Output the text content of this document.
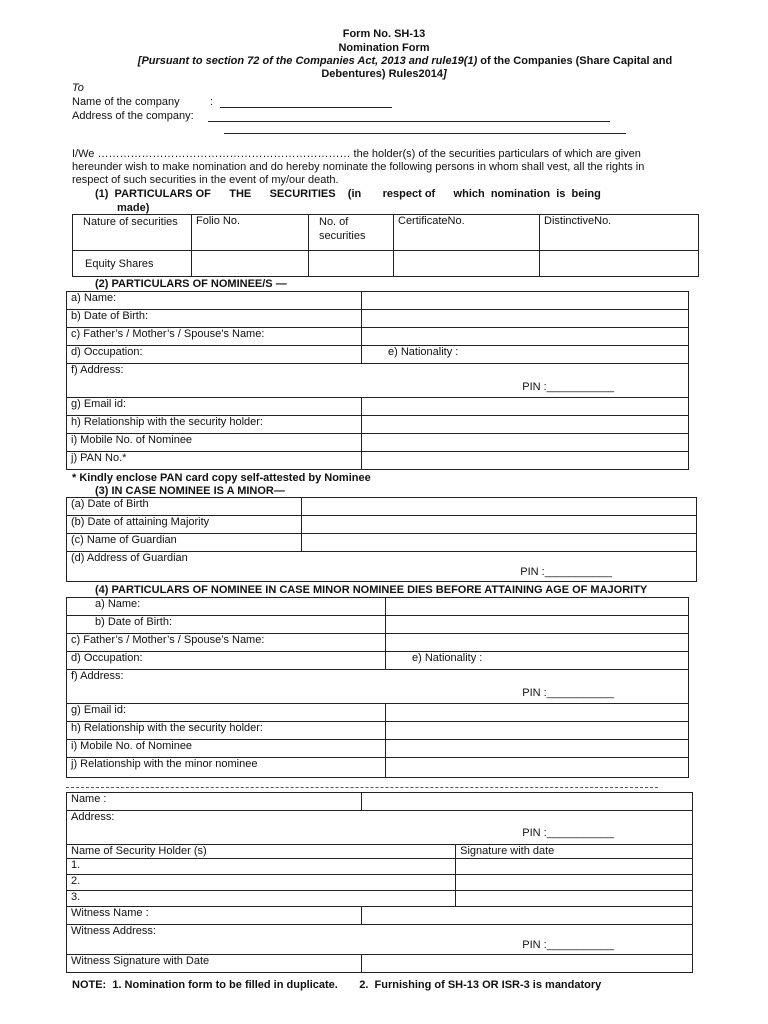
Form No. SH-13
Nomination Form
[Pursuant to section 72 of the Companies Act, 2013 and rule19(1) of the Companies (Share Capital and
Debentures) Rules2014]
To
Name of the company	:
Address of the company:
I/We …………………………………………………………… the holder(s) of the securities particulars of which are given
hereunder wish to make nomination and do hereby nominate the following persons in whom shall vest, all the rights in
respect of such securities in the event of my/our death.
(1)  PARTICULARS OF      THE      SECURITIES    (in       respect of      which  nomination  is  being
made)
Nature of securities	Folio No.	No. of securities	CertificateNo.	DistinctiveNo.
Equity Shares				
(2) PARTICULARS OF NOMINEE/S —
a) Name:	
b) Date of Birth:	
c) Father’s / Mother’s / Spouse’s Name:	
d) Occupation:	e) Nationality :

f) Address:
PIN :___________	

g) Email id:	
h) Relationship with the security holder:	
i) Mobile No. of Nominee	
j) PAN No.*	
* Kindly enclose PAN card copy self-attested by Nominee
(3) IN CASE NOMINEE IS A MINOR—
(a) Date of Birth	
(b) Date of attaining Majority	
(c) Name of Guardian	

(d) Address of Guardian
PIN :___________	
(4) PARTICULARS OF NOMINEE IN CASE MINOR NOMINEE DIES BEFORE ATTAINING AGE OF MAJORITY
a) Name:	
b) Date of Birth:	
c) Father’s / Mother’s / Spouse’s Name:	
d) Occupation:	e) Nationality :

f) Address:
PIN :___________	

g) Email id:	
h) Relationship with the security holder:	
i) Mobile No. of Nominee	
j) Relationship with the minor nominee	
Name :		

Address:
PIN :___________		

Name of Security Holder (s)		Signature with date
1.		
2.		
3.		
Witness Name :		

Witness Address:
PIN :___________		

Witness Signature with Date		
NOTE:  1. Nomination form to be filled in duplicate.       2.  Furnishing of SH-13 OR ISR-3 is mandatory
